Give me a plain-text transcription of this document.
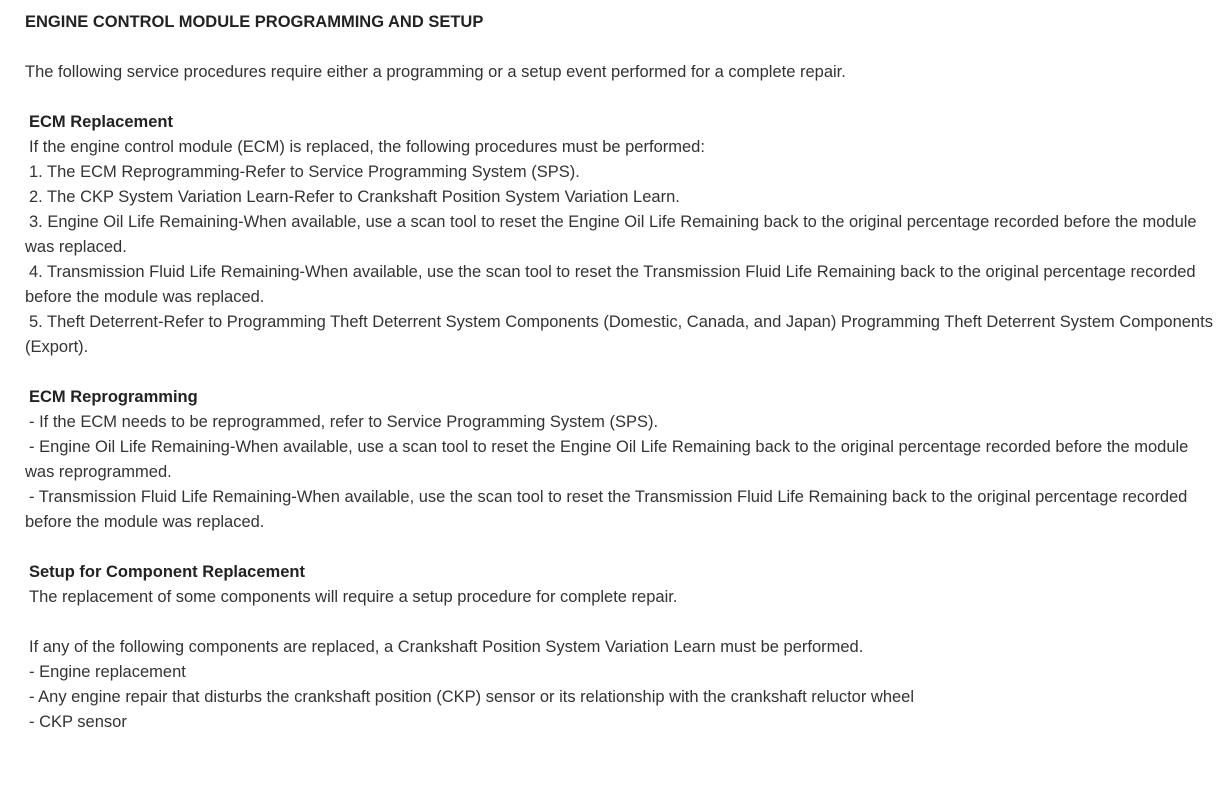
ENGINE CONTROL MODULE PROGRAMMING AND SETUP

The following service procedures require either a programming or a setup event performed for a complete repair.

ECM Replacement

If the engine control module (ECM) is replaced, the following procedures must be performed:

1. The ECM Reprogramming-Refer to Service Programming System (SPS).

2. The CKP System Variation Learn-Refer to Crankshaft Position System Variation Learn.

3. Engine Oil Life Remaining-When available, use a scan tool to reset the Engine Oil Life Remaining back to the original percentage recorded before the module was replaced.

4. Transmission Fluid Life Remaining-When available, use the scan tool to reset the Transmission Fluid Life Remaining back to the original percentage recorded before the module was replaced.

5. Theft Deterrent-Refer to Programming Theft Deterrent System Components (Domestic, Canada, and Japan) Programming Theft Deterrent System Components (Export).

ECM Reprogramming

- If the ECM needs to be reprogrammed, refer to Service Programming System (SPS).

- Engine Oil Life Remaining-When available, use a scan tool to reset the Engine Oil Life Remaining back to the original percentage recorded before the module was reprogrammed.

- Transmission Fluid Life Remaining-When available, use the scan tool to reset the Transmission Fluid Life Remaining back to the original percentage recorded before the module was replaced.

Setup for Component Replacement

The replacement of some components will require a setup procedure for complete repair.

If any of the following components are replaced, a Crankshaft Position System Variation Learn must be performed.

- Engine replacement

- Any engine repair that disturbs the crankshaft position (CKP) sensor or its relationship with the crankshaft reluctor wheel

- CKP sensor
